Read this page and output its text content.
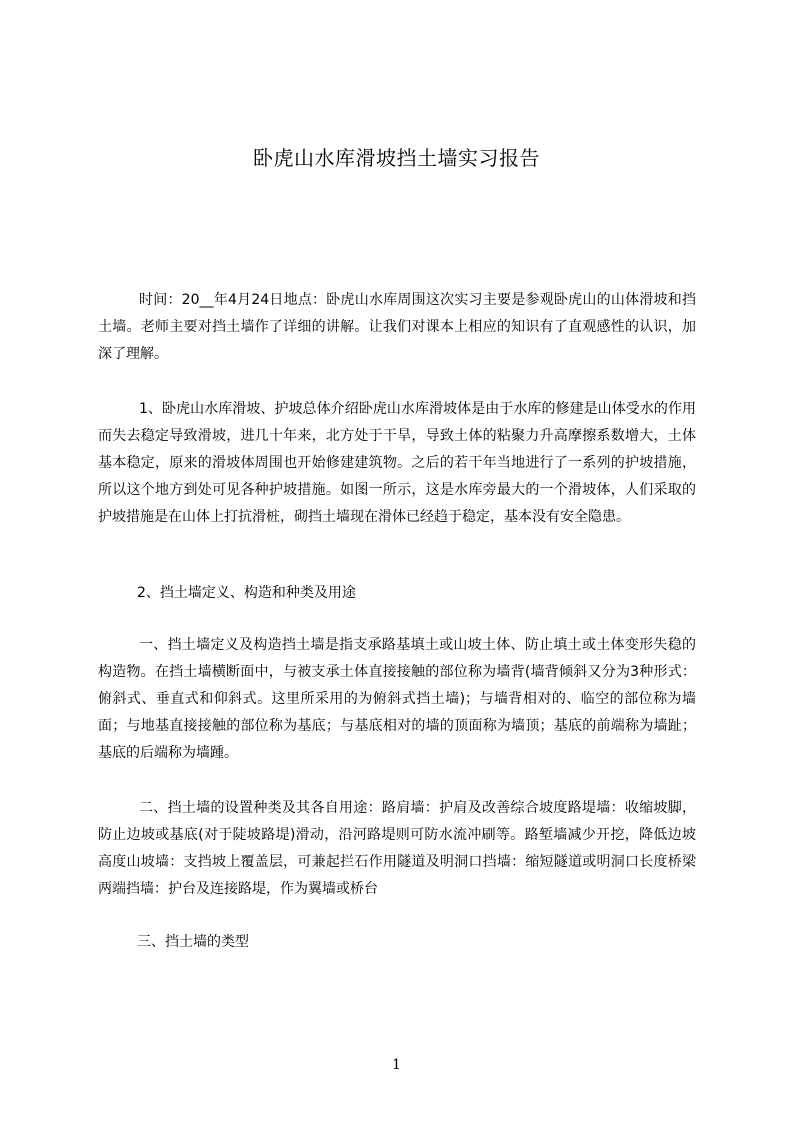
卧虎山水库滑坡挡土墙实习报告
时间：20__年4月24日地点：卧虎山水库周围这次实习主要是参观卧虎山的山体滑坡和挡土墙。老师主要对挡土墙作了详细的讲解。让我们对课本上相应的知识有了直观感性的认识，加深了理解。
1、卧虎山水库滑坡、护坡总体介绍卧虎山水库滑坡体是由于水库的修建是山体受水的作用而失去稳定导致滑坡，进几十年来，北方处于干旱，导致土体的粘聚力升高摩擦系数增大，土体基本稳定，原来的滑坡体周围也开始修建建筑物。之后的若干年当地进行了一系列的护坡措施，所以这个地方到处可见各种护坡措施。如图一所示，这是水库旁最大的一个滑坡体，人们采取的护坡措施是在山体上打抗滑桩，砌挡土墙现在滑体已经趋于稳定，基本没有安全隐患。
2、挡土墙定义、构造和种类及用途
一、挡土墙定义及构造挡土墙是指支承路基填土或山坡土体、防止填土或土体变形失稳的构造物。在挡土墙横断面中，与被支承土体直接接触的部位称为墙背(墙背倾斜又分为3种形式：俯斜式、垂直式和仰斜式。这里所采用的为俯斜式挡土墙)；与墙背相对的、临空的部位称为墙面；与地基直接接触的部位称为基底；与基底相对的墙的顶面称为墙顶；基底的前端称为墙趾；基底的后端称为墙踵。
二、挡土墙的设置种类及其各自用途：路肩墙：护肩及改善综合坡度路堤墙：收缩坡脚，防止边坡或基底(对于陡坡路堤)滑动，沿河路堤则可防水流冲刷等。路堑墙减少开挖，降低边坡高度山坡墙：支挡坡上覆盖层，可兼起拦石作用隧道及明洞口挡墙：缩短隧道或明洞口长度桥梁两端挡墙：护台及连接路堤，作为翼墙或桥台
三、挡土墙的类型
1
